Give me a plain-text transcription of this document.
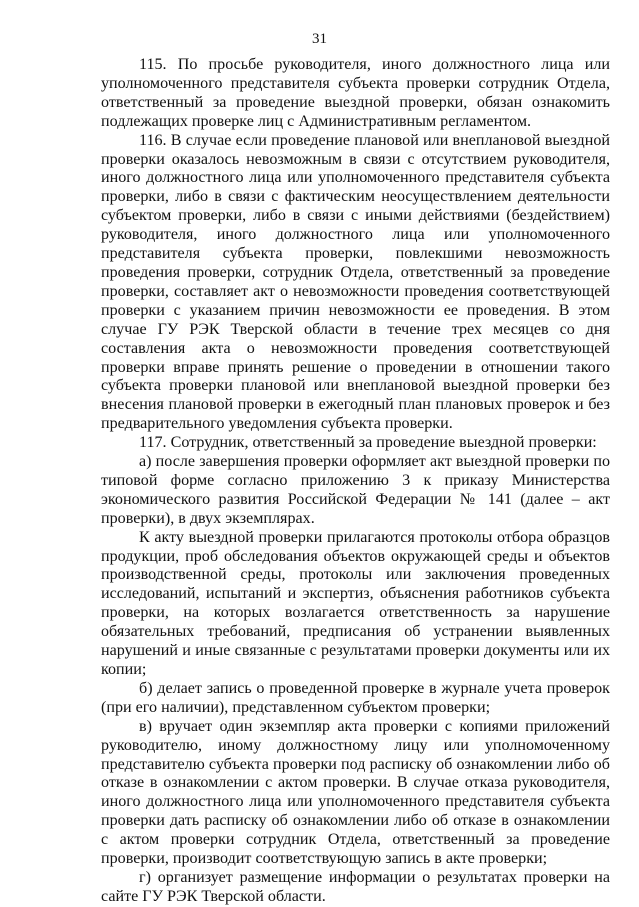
31

115. По просьбе руководителя, иного должностного лица или уполномоченного представителя субъекта проверки сотрудник Отдела, ответственный за проведение выездной проверки, обязан ознакомить подлежащих проверке лиц с Административным регламентом.

116. В случае если проведение плановой или внеплановой выездной проверки оказалось невозможным в связи с отсутствием руководителя, иного должностного лица или уполномоченного представителя субъекта проверки, либо в связи с фактическим неосуществлением деятельности субъектом проверки, либо в связи с иными действиями (бездействием) руководителя, иного должностного лица или уполномоченного представителя субъекта проверки, повлекшими невозможность проведения проверки, сотрудник Отдела, ответственный за проведение проверки, составляет акт о невозможности проведения соответствующей проверки с указанием причин невозможности ее проведения. В этом случае ГУ РЭК Тверской области в течение трех месяцев со дня составления акта о невозможности проведения соответствующей проверки вправе принять решение о проведении в отношении такого субъекта проверки плановой или внеплановой выездной проверки без внесения плановой проверки в ежегодный план плановых проверок и без предварительного уведомления субъекта проверки.

117. Сотрудник, ответственный за проведение выездной проверки:

а) после завершения проверки оформляет акт выездной проверки по типовой форме согласно приложению 3 к приказу Министерства экономического развития Российской Федерации № 141 (далее – акт проверки), в двух экземплярах.

К акту выездной проверки прилагаются протоколы отбора образцов продукции, проб обследования объектов окружающей среды и объектов производственной среды, протоколы или заключения проведенных исследований, испытаний и экспертиз, объяснения работников субъекта проверки, на которых возлагается ответственность за нарушение обязательных требований, предписания об устранении выявленных нарушений и иные связанные с результатами проверки документы или их копии;

б) делает запись о проведенной проверке в журнале учета проверок (при его наличии), представленном субъектом проверки;

в) вручает один экземпляр акта проверки с копиями приложений руководителю, иному должностному лицу или уполномоченному представителю субъекта проверки под расписку об ознакомлении либо об отказе в ознакомлении с актом проверки. В случае отказа руководителя, иного должностного лица или уполномоченного представителя субъекта проверки дать расписку об ознакомлении либо об отказе в ознакомлении с актом проверки сотрудник Отдела, ответственный за проведение проверки, производит соответствующую запись в акте проверки;

г) организует размещение информации о результатах проверки на сайте ГУ РЭК Тверской области.
